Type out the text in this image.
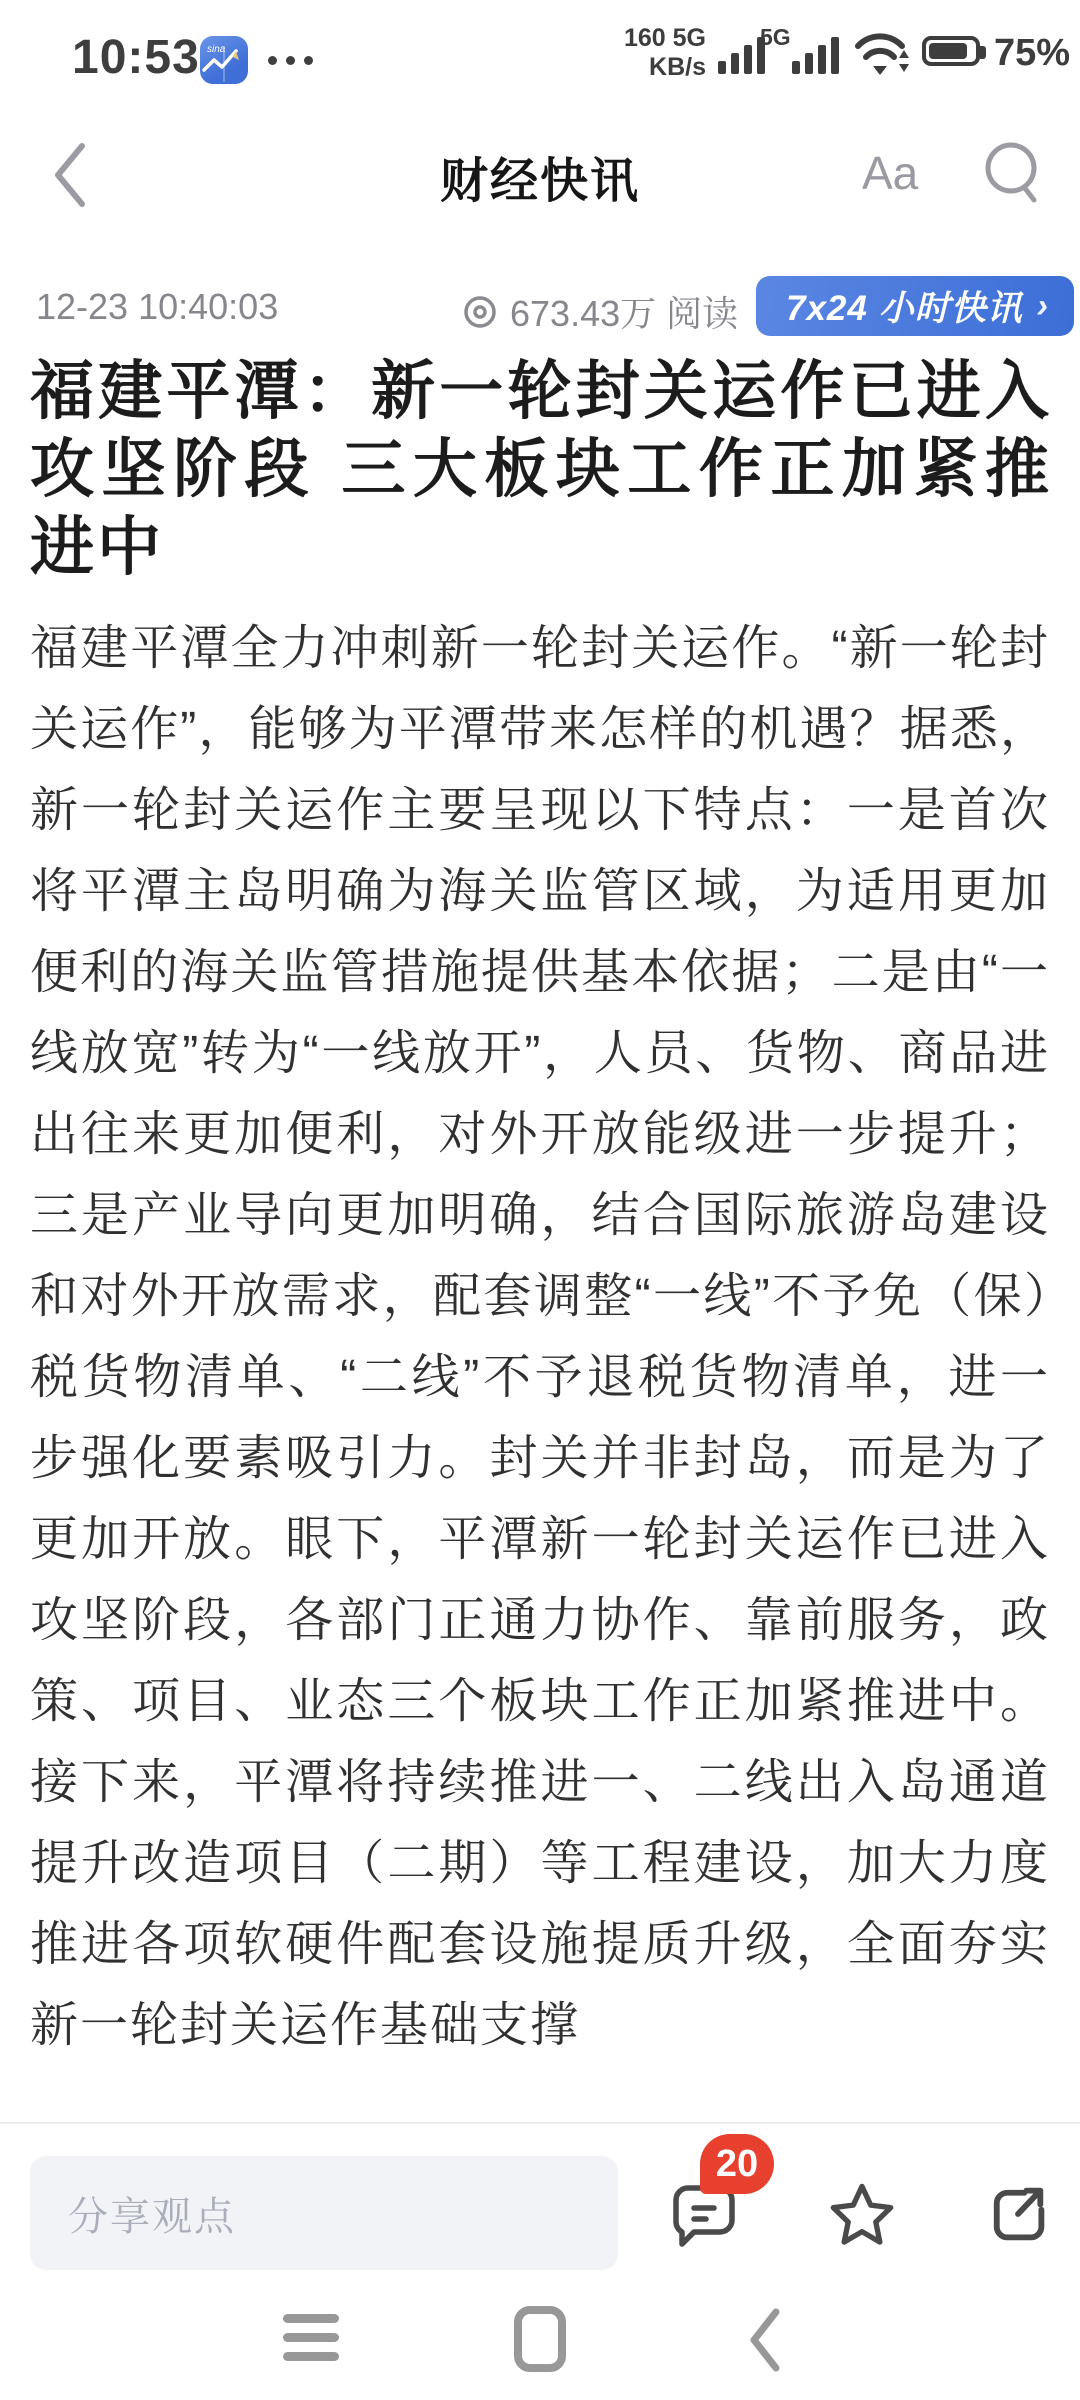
10:53 sina	160 5G
KB/s
5G	75%
财经快讯	Aa
12-23 10:40:03	673.43万 阅读 7x24 小时快讯 ›
福建平潭：新一轮封关运作已进入攻坚阶段 三大板块工作正加紧推进中
福建平潭全力冲刺新一轮封关运作。“新一轮封关运作”，能够为平潭带来怎样的机遇？据悉，新一轮封关运作主要呈现以下特点：一是首次将平潭主岛明确为海关监管区域，为适用更加便利的海关监管措施提供基本依据；二是由“一线放宽”转为“一线放开”，人员、货物、商品进出往来更加便利，对外开放能级进一步提升；三是产业导向更加明确，结合国际旅游岛建设和对外开放需求，配套调整“一线”不予免（保）税货物清单、“二线”不予退税货物清单，进一步强化要素吸引力。封关并非封岛，而是为了更加开放。眼下，平潭新一轮封关运作已进入攻坚阶段，各部门正通力协作、靠前服务，政策、项目、业态三个板块工作正加紧推进中。接下来，平潭将持续推进一、二线出入岛通道提升改造项目（二期）等工程建设，加大力度推进各项软硬件配套设施提质升级，全面夯实新一轮封关运作基础支撑
分享观点
20
